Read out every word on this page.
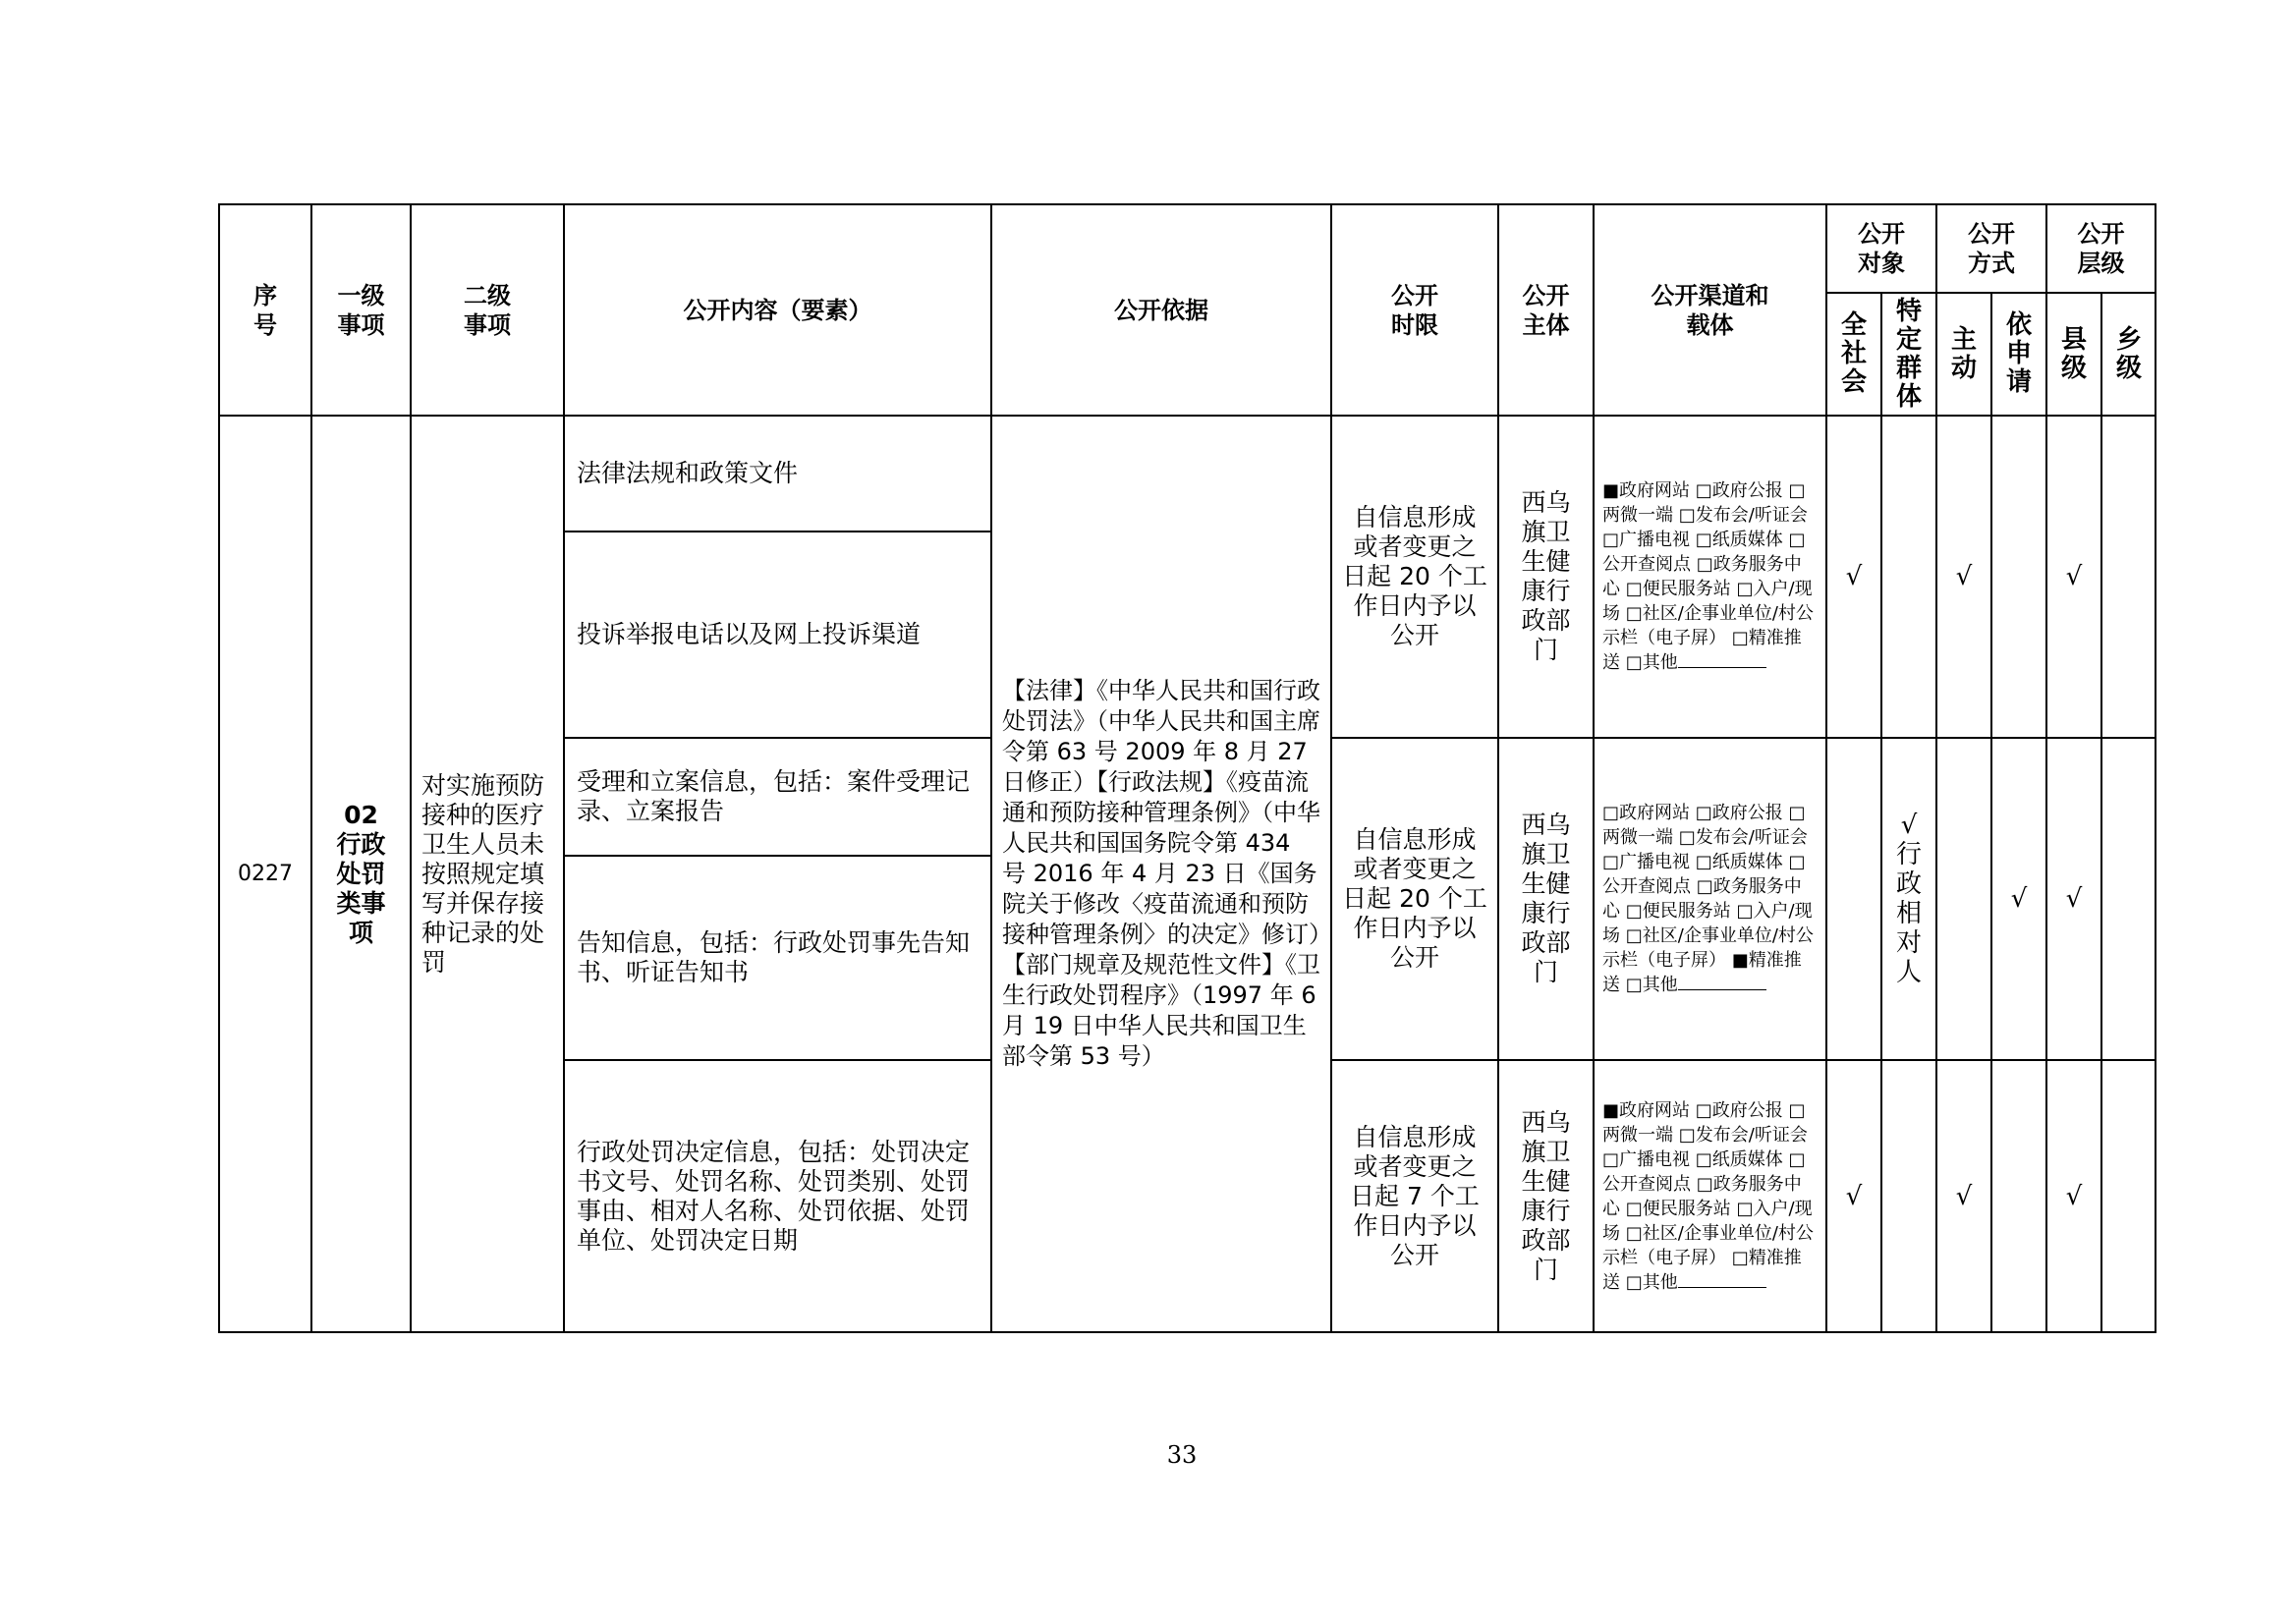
序号	一级事项	二级事项	公开内容（要素）	公开依据	公开时限	公开主体	公开渠道和载体	公开对象		公开方式		公开层级	
								全社会	特定群体	主动	依申请	县级	乡级
0227	02 行政处罚类事项	对实施预防接种的医疗卫生人员未按照规定填写并保存接种记录的处罚	法律法规和政策文件	【法律】《中华人民共和国行政处罚法》（中华人民共和国主席令第 63 号 2009 年 8 月 27 日修正）【行政法规】《疫苗流通和预防接种管理条例》（中华人民共和国国务院令第 434 号 2016 年 4 月 23 日《国务院关于修改〈疫苗流通和预防接种管理条例〉的决定》修订）【部门规章及规范性文件】《卫生行政处罚程序》（1997 年 6 月 19 日中华人民共和国卫生部令第 53 号）	自信息形成或者变更之日起 20 个工作日内予以公开	西乌旗卫生健康行政部门	■政府网站 □政府公报 □两微一端 □发布会/听证会 □广播电视 □纸质媒体 □公开查阅点 □政务服务中心 □便民服务站 □入户/现场 □社区/企事业单位/村公示栏（电子屏） □精准推送 □其他	√		√		√	
			投诉举报电话以及网上投诉渠道										
			受理和立案信息，包括：案件受理记录、立案报告		自信息形成或者变更之日起 20 个工作日内予以公开	西乌旗卫生健康行政部门	□政府网站 □政府公报 □两微一端 □发布会/听证会 □广播电视 □纸质媒体 □公开查阅点 □政务服务中心 □便民服务站 □入户/现场 □社区/企事业单位/村公示栏（电子屏） ■精准推送 □其他		√行政相对人		√	√	
			告知信息，包括：行政处罚事先告知书、听证告知书										
			行政处罚决定信息，包括：处罚决定书文号、处罚名称、处罚类别、处罚事由、相对人名称、处罚依据、处罚单位、处罚决定日期		自信息形成或者变更之日起 7 个工作日内予以公开	西乌旗卫生健康行政部门	■政府网站 □政府公报 □两微一端 □发布会/听证会 □广播电视 □纸质媒体 □公开查阅点 □政务服务中心 □便民服务站 □入户/现场 □社区/企事业单位/村公示栏（电子屏） □精准推送 □其他	√		√		√	
33
